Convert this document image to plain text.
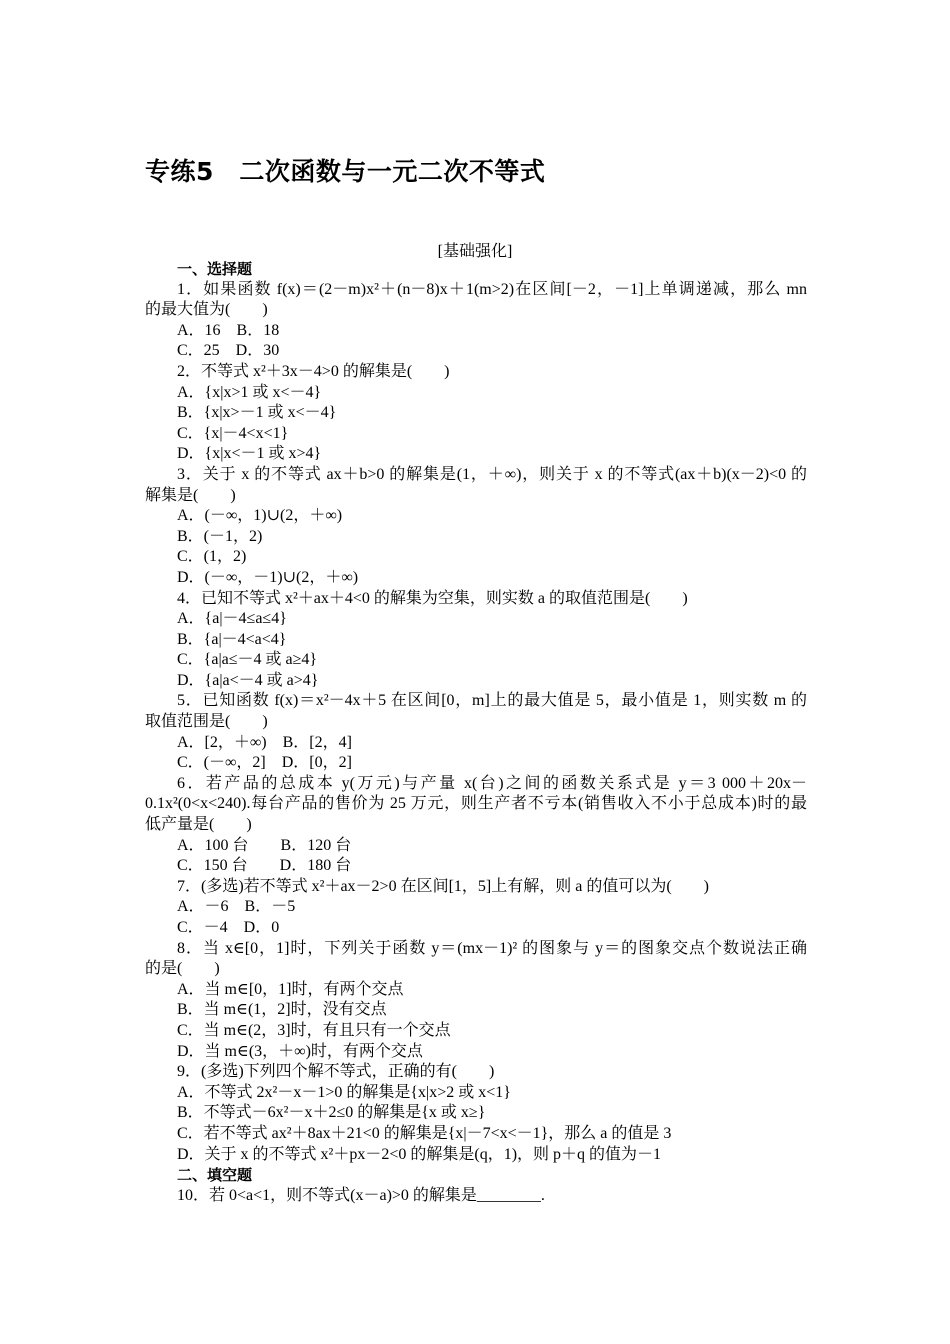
专练5　二次函数与一元二次不等式
[基础强化]
一、选择题
1．如果函数 f(x)＝(2－m)x²＋(n－8)x＋1(m>2)在区间[－2，－1]上单调递减，那么 mn
的最大值为(　　)
A．16　B．18
C．25　D．30
2．不等式 x²＋3x－4>0 的解集是(　　)
A．{x|x>1 或 x<－4}
B．{x|x>－1 或 x<－4}
C．{x|－4<x<1}
D．{x|x<－1 或 x>4}
3．关于 x 的不等式 ax＋b>0 的解集是(1，＋∞)，则关于 x 的不等式(ax＋b)(x－2)<0 的
解集是(　　)
A．(－∞，1)∪(2，＋∞)
B．(－1，2)
C．(1，2)
D．(－∞，－1)∪(2，＋∞)
4．已知不等式 x²＋ax＋4<0 的解集为空集，则实数 a 的取值范围是(　　)
A．{a|－4≤a≤4}
B．{a|－4<a<4}
C．{a|a≤－4 或 a≥4}
D．{a|a<－4 或 a>4}
5．已知函数 f(x)＝x²－4x＋5 在区间[0，m]上的最大值是 5，最小值是 1，则实数 m 的
取值范围是(　　)
A．[2，＋∞)　B．[2，4]
C．(－∞，2]　D．[0，2]
6．若产品的总成本 y(万元)与产量 x(台)之间的函数关系式是 y＝3 000＋20x－
0.1x²(0<x<240).每台产品的售价为 25 万元，则生产者不亏本(销售收入不小于总成本)时的最
低产量是(　　)
A．100 台　　B．120 台
C．150 台　　D．180 台
7．(多选)若不等式 x²＋ax－2>0 在区间[1，5]上有解，则 a 的值可以为(　　)
A．－6　B．－5
C．－4　D．0
8．当 x∈[0，1]时，下列关于函数 y＝(mx－1)² 的图象与 y＝的图象交点个数说法正确
的是(　　)
A．当 m∈[0，1]时，有两个交点
B．当 m∈(1，2]时，没有交点
C．当 m∈(2，3]时，有且只有一个交点
D．当 m∈(3，＋∞)时，有两个交点
9．(多选)下列四个解不等式，正确的有(　　)
A．不等式 2x²－x－1>0 的解集是{x|x>2 或 x<1}
B．不等式－6x²－x＋2≤0 的解集是{x 或 x≥}
C．若不等式 ax²＋8ax＋21<0 的解集是{x|－7<x<－1}，那么 a 的值是 3
D．关于 x 的不等式 x²＋px－2<0 的解集是(q，1)，则 p＋q 的值为－1
二、填空题
10．若 0<a<1，则不等式(x－a)>0 的解集是________.
